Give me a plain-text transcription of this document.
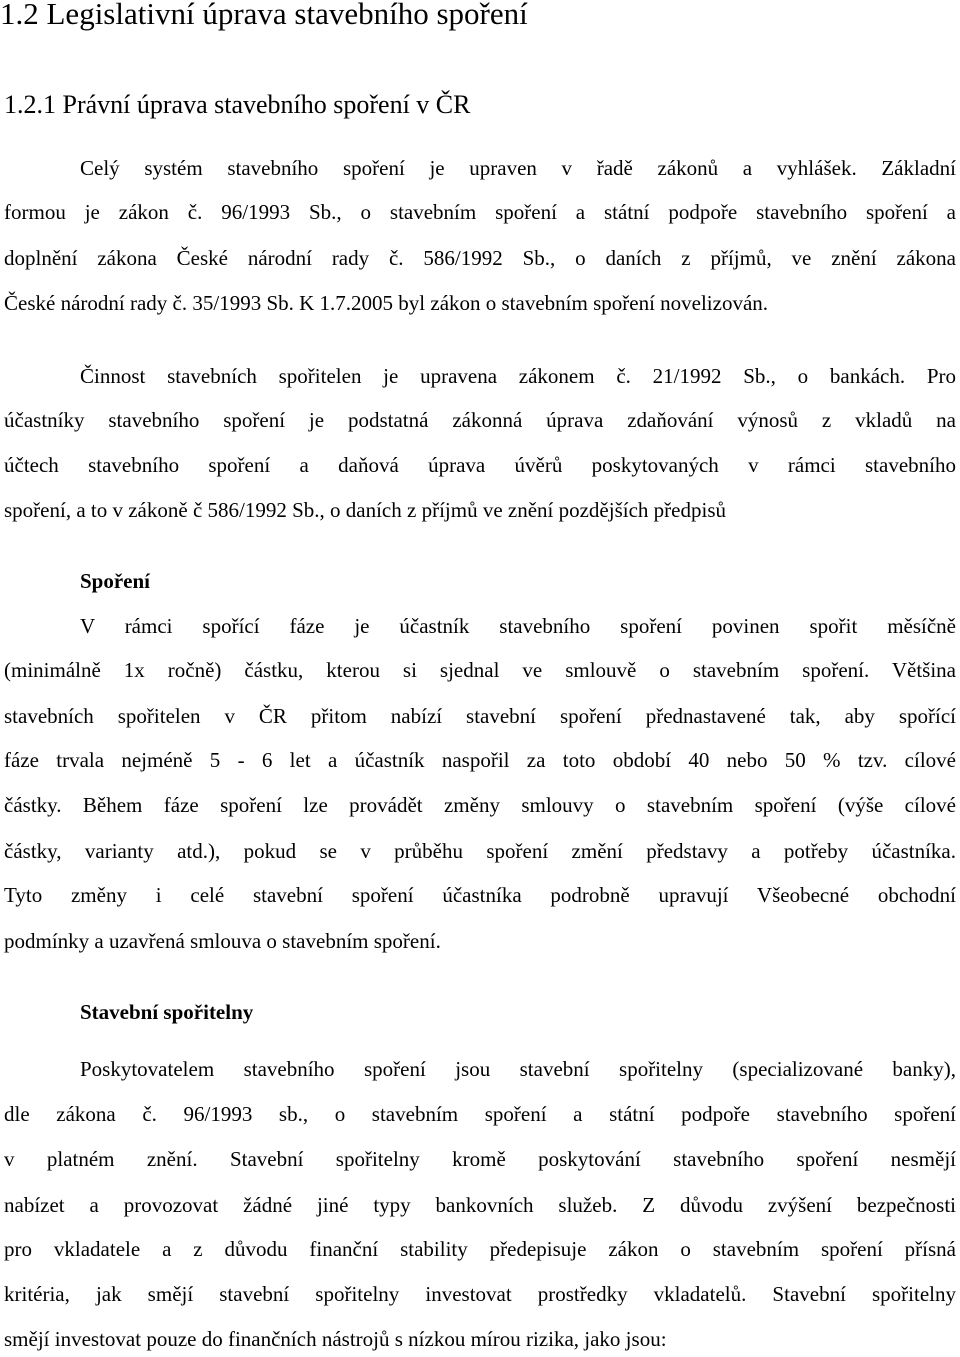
1.2 Legislativní úprava stavebního spoření
1.2.1 Právní úprava stavebního spoření v ČR
Celý systém stavebního spoření je upraven v řadě zákonů a vyhlášek. Základní
formou je zákon č. 96/1993 Sb., o stavebním spoření a státní podpoře stavebního spoření a
doplnění zákona České národní rady č. 586/1992 Sb., o daních z příjmů, ve znění zákona
České národní rady č. 35/1993 Sb. K 1.7.2005 byl zákon o stavebním spoření novelizován.
Činnost stavebních spořitelen je upravena zákonem č. 21/1992 Sb., o bankách. Pro
účastníky stavebního spoření je podstatná zákonná úprava zdaňování výnosů z vkladů na
účtech stavebního spoření a daňová úprava úvěrů poskytovaných v rámci stavebního
spoření, a to v zákoně č 586/1992 Sb., o daních z příjmů ve znění pozdějších předpisů
Spoření
V rámci spořící fáze je účastník stavebního spoření povinen spořit měsíčně
(minimálně 1x ročně) částku, kterou si sjednal ve smlouvě o stavebním spoření. Většina
stavebních spořitelen v ČR přitom nabízí stavební spoření přednastavené tak, aby spořící
fáze trvala nejméně 5 - 6 let a účastník naspořil za toto období 40 nebo 50 % tzv. cílové
částky. Během fáze spoření lze provádět změny smlouvy o stavebním spoření (výše cílové
částky, varianty atd.), pokud se v průběhu spoření změní představy a potřeby účastníka.
Tyto změny i celé stavební spoření účastníka podrobně upravují Všeobecné obchodní
podmínky a uzavřená smlouva o stavebním spoření.
Stavební spořitelny
Poskytovatelem stavebního spoření jsou stavební spořitelny (specializované banky),
dle zákona č. 96/1993 sb., o stavebním spoření a státní podpoře stavebního spoření
v platném znění. Stavební spořitelny kromě poskytování stavebního spoření nesmějí
nabízet a provozovat žádné jiné typy bankovních služeb. Z důvodu zvýšení bezpečnosti
pro vkladatele a z důvodu finanční stability předepisuje zákon o stavebním spoření přísná
kritéria, jak smějí stavební spořitelny investovat prostředky vkladatelů. Stavební spořitelny
smějí investovat pouze do finančních nástrojů s nízkou mírou rizika, jako jsou:
